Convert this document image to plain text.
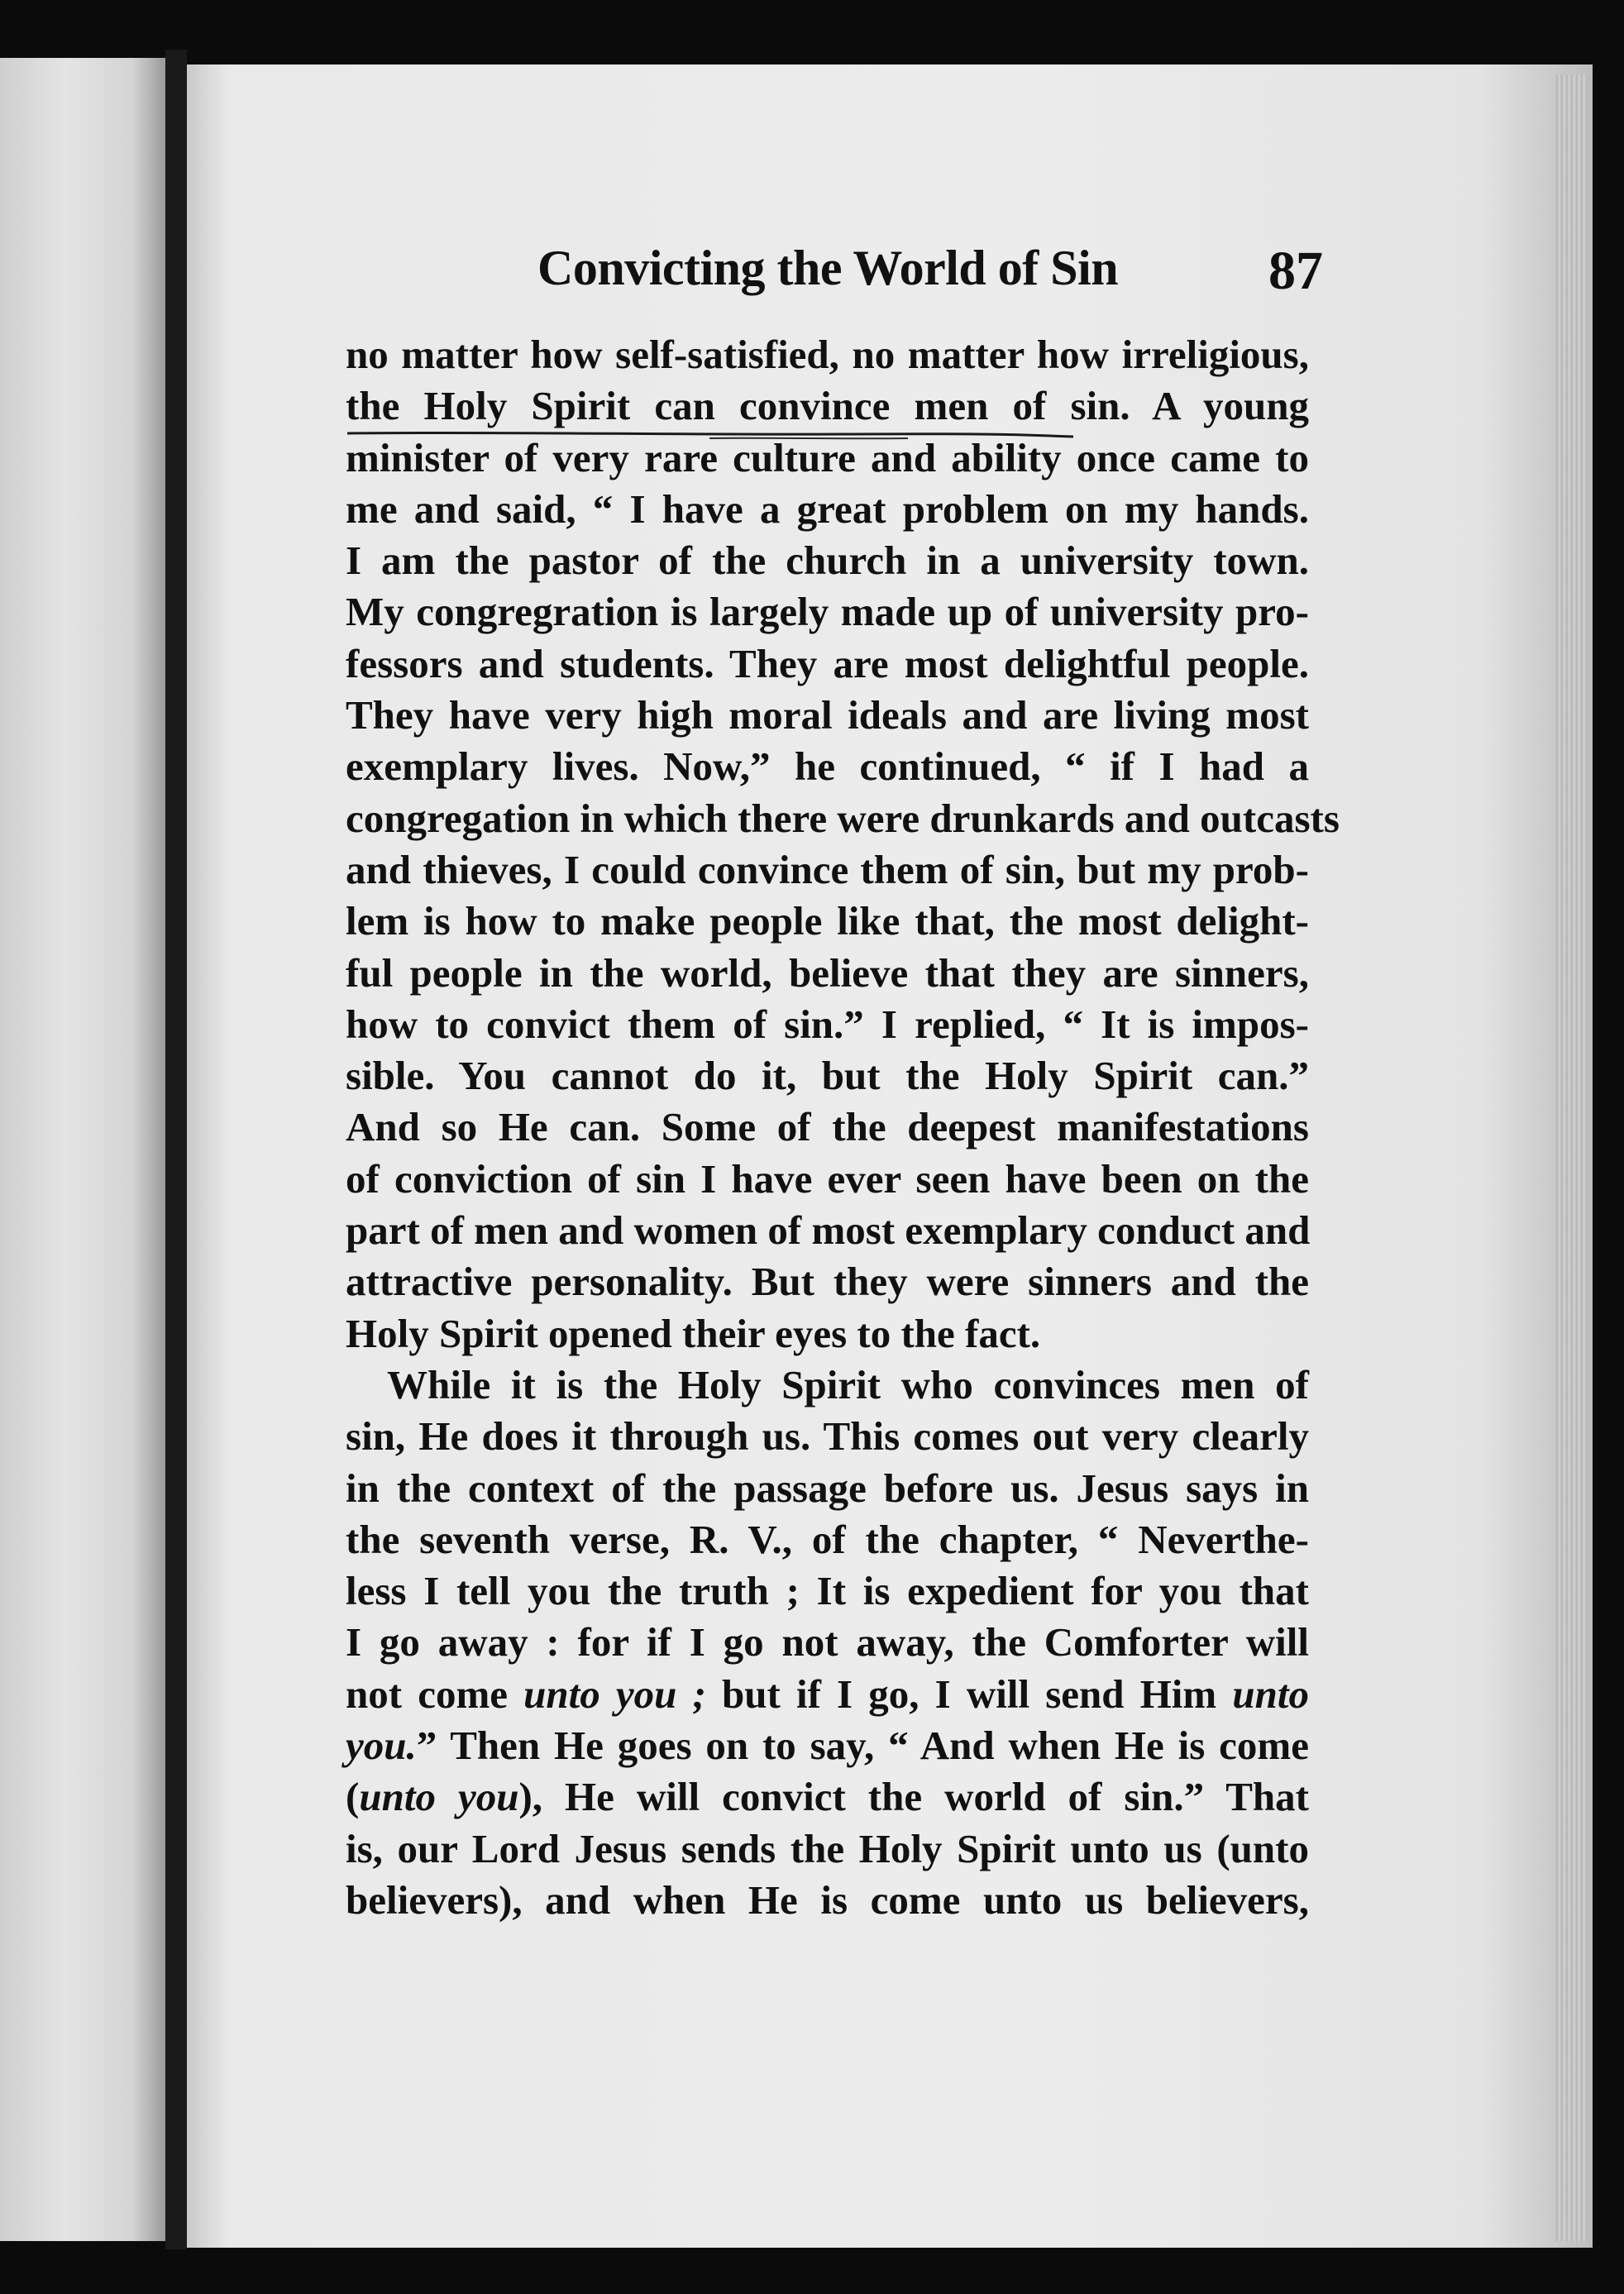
Convicting the World of Sin	87
no matter how self-satisfied, no matter how irreligious,
the Holy Spirit can convince men of sin. A young
minister of very rare culture and ability once came to
me and said, “ I have a great problem on my hands.
I am the pastor of the church in a university town.
My congregration is largely made up of university pro-
fessors and students. They are most delightful people.
They have very high moral ideals and are living most
exemplary lives. Now,” he continued, “ if I had a
congregation in which there were drunkards and outcasts
and thieves, I could convince them of sin, but my prob-
lem is how to make people like that, the most delight-
ful people in the world, believe that they are sinners,
how to convict them of sin.” I replied, “ It is impos-
sible. You cannot do it, but the Holy Spirit can.”
And so He can. Some of the deepest manifestations
of conviction of sin I have ever seen have been on the
part of men and women of most exemplary conduct and
attractive personality. But they were sinners and the
Holy Spirit opened their eyes to the fact.
While it is the Holy Spirit who convinces men of
sin, He does it through us. This comes out very clearly
in the context of the passage before us. Jesus says in
the seventh verse, R. V., of the chapter, “ Neverthe-
less I tell you the truth ; It is expedient for you that
I go away : for if I go not away, the Comforter will
not come unto you ; but if I go, I will send Him unto
you.” Then He goes on to say, “ And when He is come
(unto you), He will convict the world of sin.” That
is, our Lord Jesus sends the Holy Spirit unto us (unto
believers), and when He is come unto us believers,
